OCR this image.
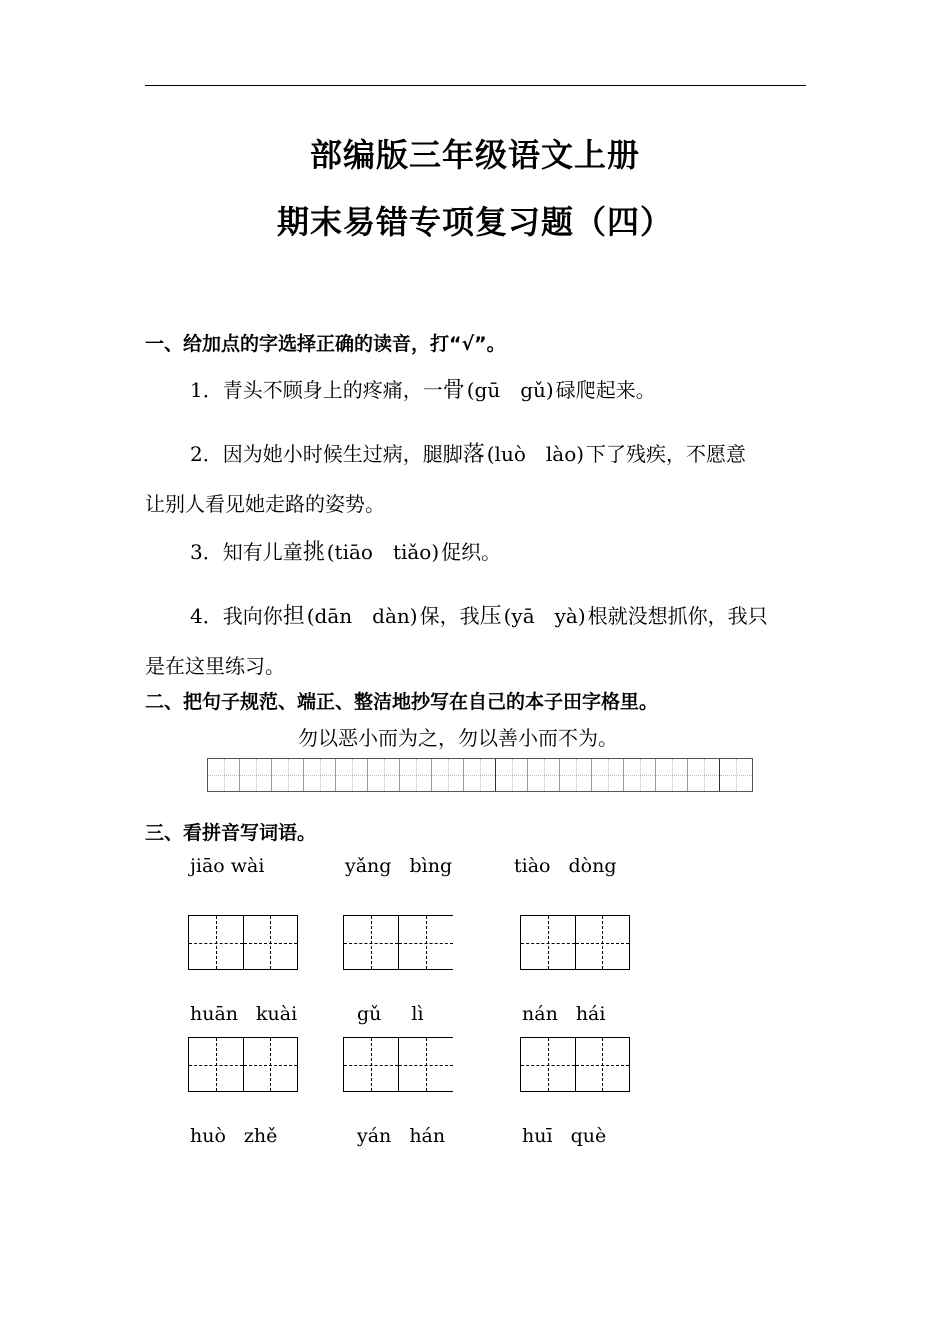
部编版三年级语文上册
期末易错专项复习题（四）
一、给加点的字选择正确的读音，打“√”。
1．青头不顾身上的疼痛，一骨 (gū　gǔ) 碌爬起来。
2．因为她小时候生过病，腿脚落 (luò　lào) 下了残疾，不愿意
让别人看见她走路的姿势。
3．知有儿童挑 (tiāo　tiǎo) 促织。
4．我向你担 (dān　dàn) 保，我压 (yā　yà) 根就没想抓你，我只
是在这里练习。
二、把句子规范、端正、整洁地抄写在自己的本子田字格里。
勿以恶小而为之，勿以善小而不为。
三、看拼音写词语。
jiāo wài	yǎng bìng	tiào dòng
huān kuài	gǔ lì	nán hái
huò zhě	yán hán	huī què
